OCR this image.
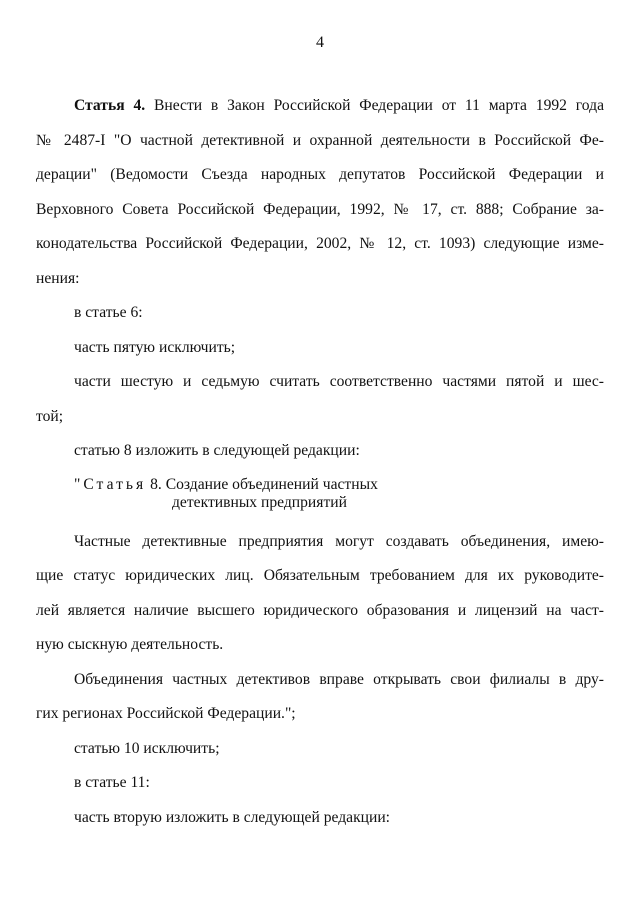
4
Статья 4. Внести в Закон Российской Федерации от 11 марта 1992 года
№ 2487-I "О частной детективной и охранной деятельности в Российской Фе-
дерации" (Ведомости Съезда народных депутатов Российской Федерации и
Верховного Совета Российской Федерации, 1992, № 17, ст. 888; Собрание за-
конодательства Российской Федерации, 2002, № 12, ст. 1093) следующие изме-
нения:
в статье 6:
часть пятую исключить;
части шестую и седьмую считать соответственно частями пятой и шес-
той;
статью 8 изложить в следующей редакции:
"Статья 8. Создание объединений частных
детективных предприятий
Частные детективные предприятия могут создавать объединения, имею-
щие статус юридических лиц. Обязательным требованием для их руководите-
лей является наличие высшего юридического образования и лицензий на част-
ную сыскную деятельность.
Объединения частных детективов вправе открывать свои филиалы в дру-
гих регионах Российской Федерации.";
статью 10 исключить;
в статье 11:
часть вторую изложить в следующей редакции:
